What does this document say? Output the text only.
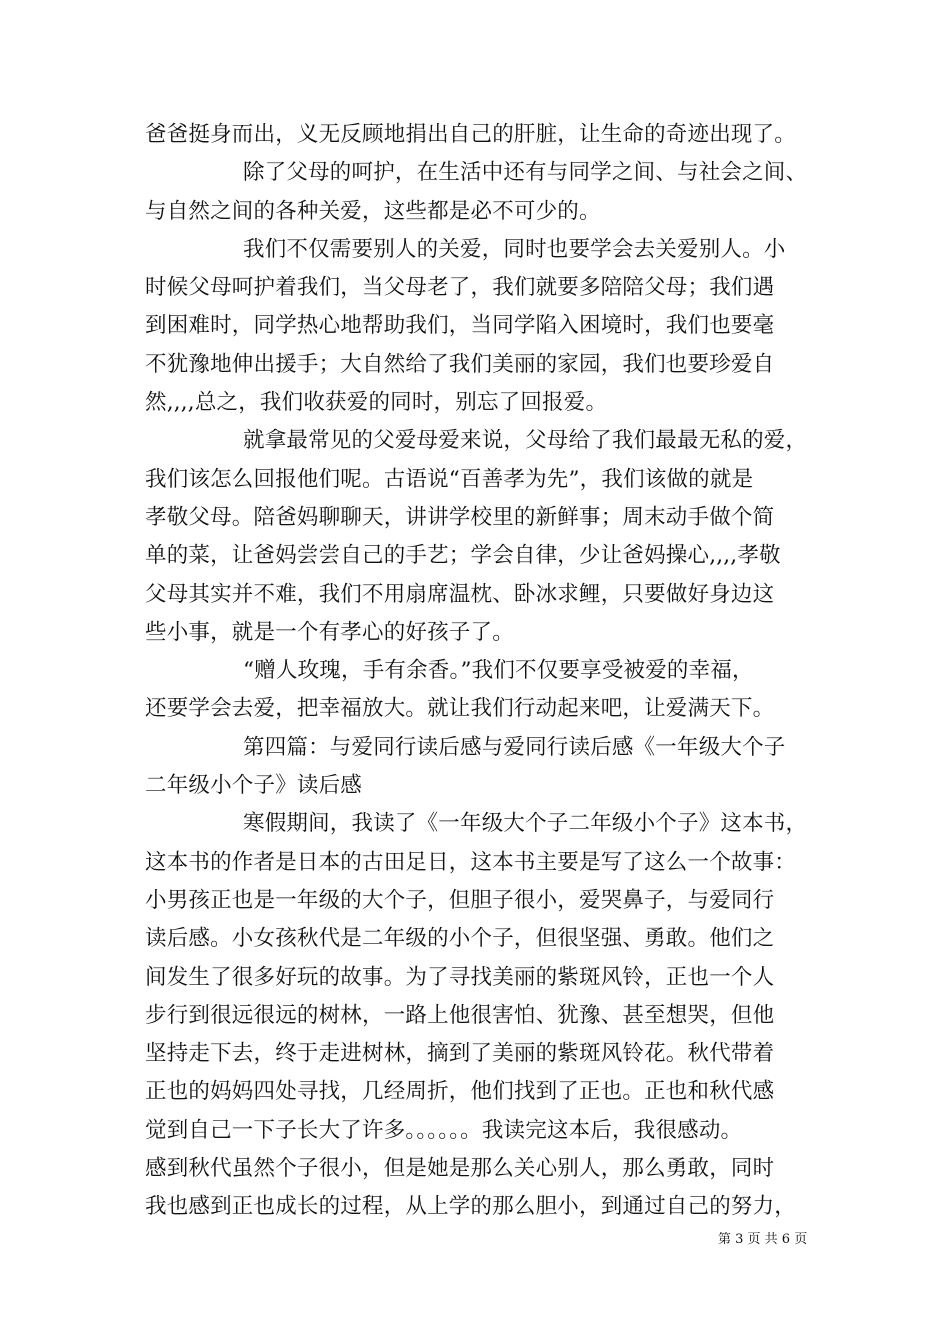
爸爸挺身而出，义无反顾地捐出自己的肝脏，让生命的奇迹出现了。
除了父母的呵护，在生活中还有与同学之间、与社会之间、
与自然之间的各种关爱，这些都是必不可少的。
我们不仅需要别人的关爱，同时也要学会去关爱别人。小
时候父母呵护着我们，当父母老了，我们就要多陪陪父母；我们遇
到困难时，同学热心地帮助我们，当同学陷入困境时，我们也要毫
不犹豫地伸出援手；大自然给了我们美丽的家园，我们也要珍爱自
然,,,,总之，我们收获爱的同时，别忘了回报爱。
就拿最常见的父爱母爱来说，父母给了我们最最无私的爱，
我们该怎么回报他们呢。古语说“百善孝为先”，我们该做的就是
孝敬父母。陪爸妈聊聊天，讲讲学校里的新鲜事；周末动手做个简
单的菜，让爸妈尝尝自己的手艺；学会自律，少让爸妈操心,,,,孝敬
父母其实并不难，我们不用扇席温枕、卧冰求鲤，只要做好身边这
些小事，就是一个有孝心的好孩子了。
“赠人玫瑰，手有余香。”我们不仅要享受被爱的幸福，
还要学会去爱，把幸福放大。就让我们行动起来吧，让爱满天下。
第四篇：与爱同行读后感与爱同行读后感《一年级大个子
二年级小个子》读后感
寒假期间，我读了《一年级大个子二年级小个子》这本书，
这本书的作者是日本的古田足日，这本书主要是写了这么一个故事：
小男孩正也是一年级的大个子，但胆子很小，爱哭鼻子，与爱同行
读后感。小女孩秋代是二年级的小个子，但很坚强、勇敢。他们之
间发生了很多好玩的故事。为了寻找美丽的紫斑风铃，正也一个人
步行到很远很远的树林，一路上他很害怕、犹豫、甚至想哭，但他
坚持走下去，终于走进树林，摘到了美丽的紫斑风铃花。秋代带着
正也的妈妈四处寻找，几经周折，他们找到了正也。正也和秋代感
觉到自己一下子长大了许多。。。。。。我读完这本后，我很感动。
感到秋代虽然个子很小，但是她是那么关心别人，那么勇敢，同时
我也感到正也成长的过程，从上学的那么胆小，到通过自己的努力，
第 3 页 共 6 页
